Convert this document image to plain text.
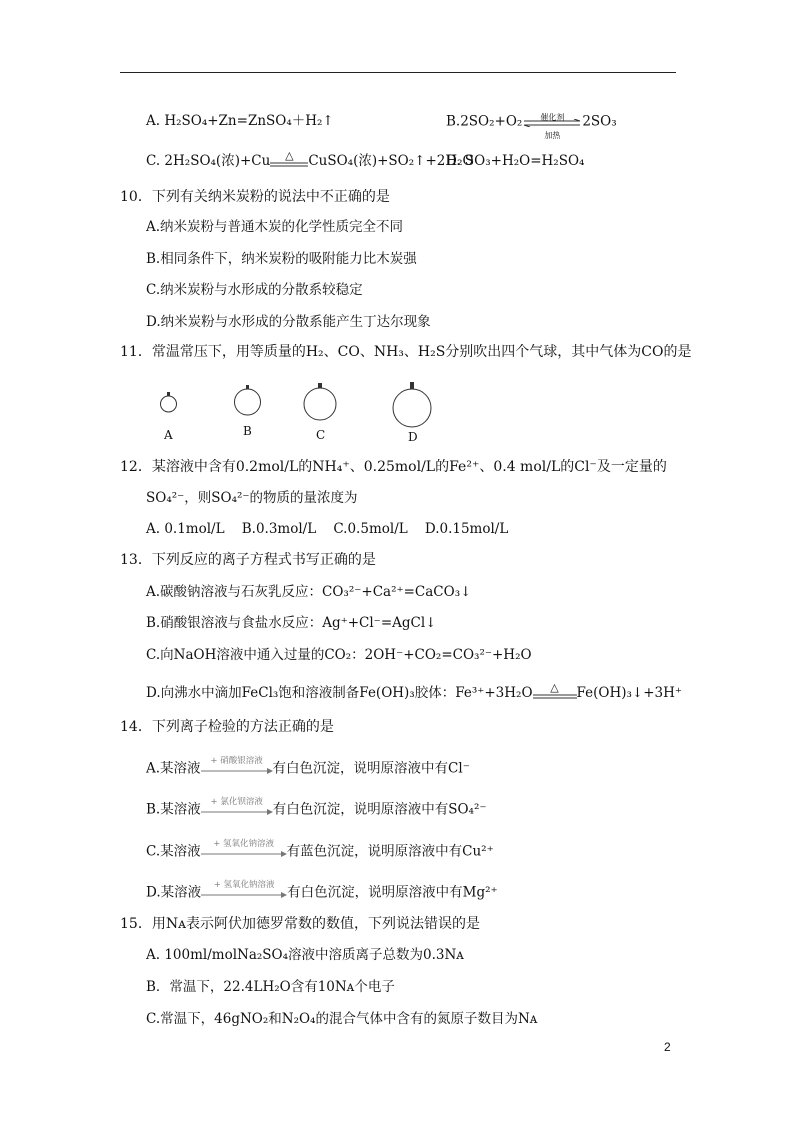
A. H₂SO₄+Zn=ZnSO₄＋H₂↑	B.2SO₂+O₂	催化剂
加热
2SO₃
C. 2H₂SO₄(浓)+Cu	△	CuSO₄(浓)+SO₂↑+2H₂O
D. SO₃+H₂O=H₂SO₄
10．下列有关纳米炭粉的说法中不正确的是
A.纳米炭粉与普通木炭的化学性质完全不同
B.相同条件下，纳米炭粉的吸附能力比木炭强
C.纳米炭粉与水形成的分散系较稳定
D.纳米炭粉与水形成的分散系能产生丁达尔现象
11．常温常压下，用等质量的H₂、CO、NH₃、H₂S分别吹出四个气球，其中气体为CO的是
A	B	C	D
12．某溶液中含有0.2mol/L的NH₄⁺、0.25mol/L的Fe²⁺、0.4 mol/L的Cl⁻及一定量的
SO₄²⁻，则SO₄²⁻的物质的量浓度为
A. 0.1mol/L    B.0.3mol/L    C.0.5mol/L    D.0.15mol/L
13．下列反应的离子方程式书写正确的是
A.碳酸钠溶液与石灰乳反应：CO₃²⁻+Ca²⁺=CaCO₃↓
B.硝酸银溶液与食盐水反应：Ag⁺+Cl⁻=AgCl↓
C.向NaOH溶液中通入过量的CO₂：2OH⁻+CO₂=CO₃²⁻+H₂O
D.向沸水中滴加FeCl₃饱和溶液制备Fe(OH)₃胶体：Fe³⁺+3H₂O	△	Fe(OH)₃↓+3H⁺
14．下列离子检验的方法正确的是
A.某溶液	+ 硝酸银溶液 有白色沉淀，说明原溶液中有Cl⁻
B.某溶液	+ 氯化钡溶液 有白色沉淀，说明原溶液中有SO₄²⁻
C.某溶液	+ 氢氧化钠溶液 有蓝色沉淀，说明原溶液中有Cu²⁺
D.某溶液	+ 氢氧化钠溶液 有白色沉淀，说明原溶液中有Mg²⁺
15．用Nᴀ表示阿伏加德罗常数的数值，下列说法错误的是
A. 100ml/molNa₂SO₄溶液中溶质离子总数为0.3Nᴀ
B．常温下，22.4LH₂O含有10Nᴀ个电子
C.常温下，46gNO₂和N₂O₄的混合气体中含有的氮原子数目为Nᴀ
2
